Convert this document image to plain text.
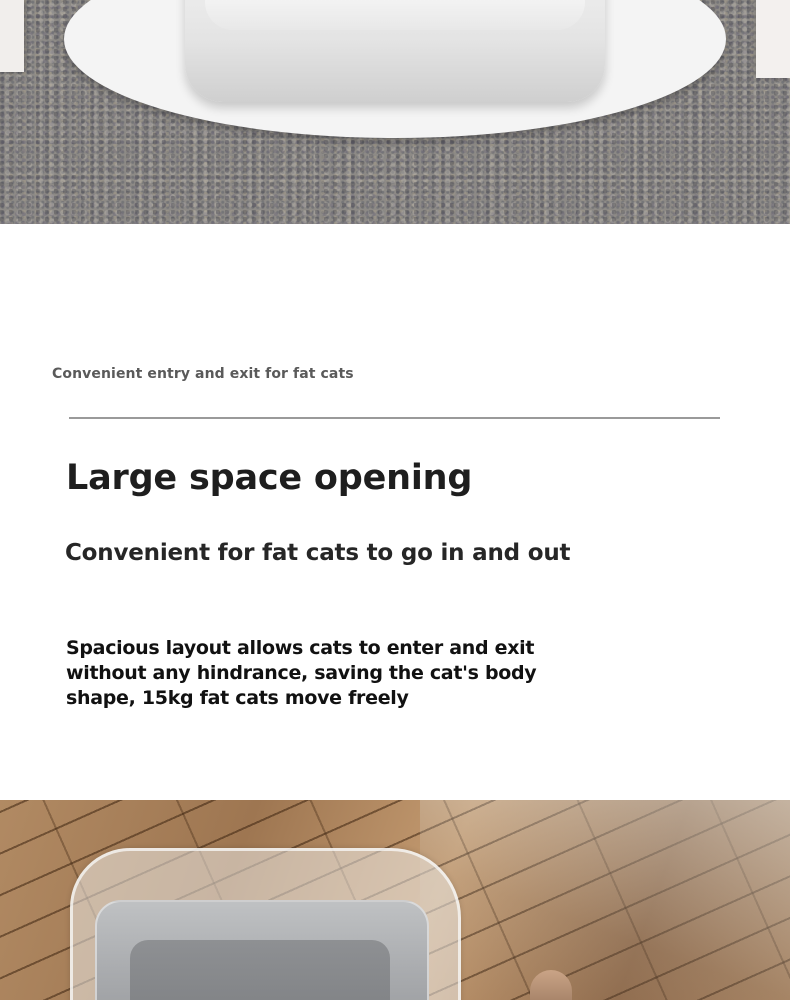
Convenient entry and exit for fat cats
Large space opening
Convenient for fat cats to go in and out

Spacious layout allows cats to enter and exit
without any hindrance, saving the cat's body
shape, 15kg fat cats move freely
